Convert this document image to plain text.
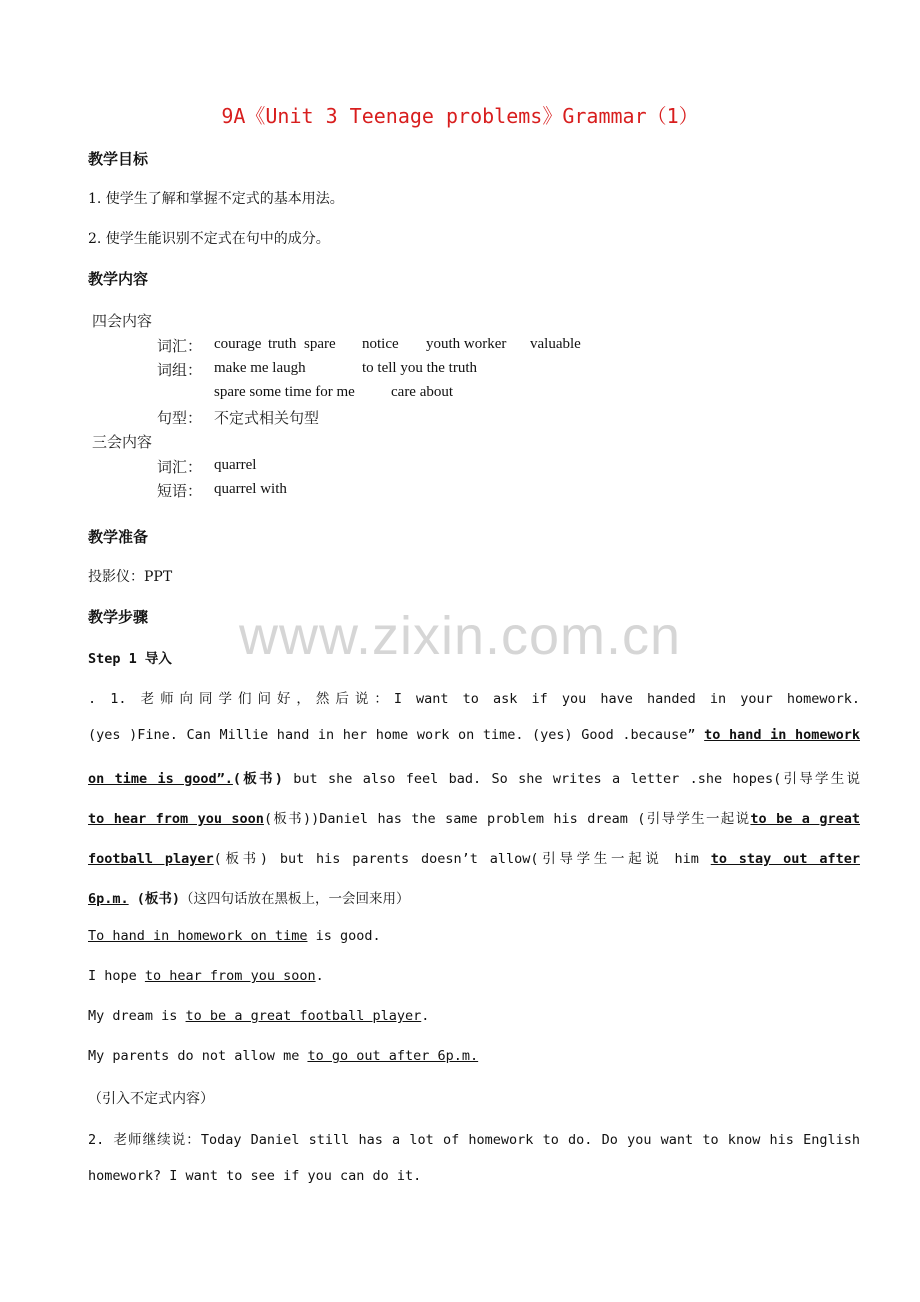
9A《Unit 3 Teenage problems》Grammar（1）
www.zixin.com.cn
教学目标
1. 使学生了解和掌握不定式的基本用法。
2. 使学生能识别不定式在句中的成分。
教学内容
四会内容
词汇： courage truth spare notice youth worker valuable
词组： make me laugh	to tell you the truth
spare some time for me care about
句型： 不定式相关句型
三会内容
词汇： quarrel
短语： quarrel with
教学准备
投影仪：PPT
教学步骤
Step 1 导入
. 1. 老师向同学们问好，然后说：I want to ask if you have handed in your homework.
(yes )Fine. Can Millie hand in her home work on time. (yes) Good .because” to hand in homework
on time is good”.(板书) but she also feel bad. So she writes a letter .she hopes(引导学生说
to hear from you soon(板书))Daniel has the same problem his dream (引导学生一起说to be a great
football player(板书) but his parents doesn’t allow(引导学生一起说 him to stay out after
6p.m. (板书)（这四句话放在黑板上，一会回来用）
To hand in homework on time is good.
I hope to hear from you soon.
My dream is to be a great football player.
My parents do not allow me to go out after 6p.m.
（引入不定式内容）
2. 老师继续说：Today Daniel still has a lot of homework to do. Do you want to know his English
homework? I want to see if you can do it.
